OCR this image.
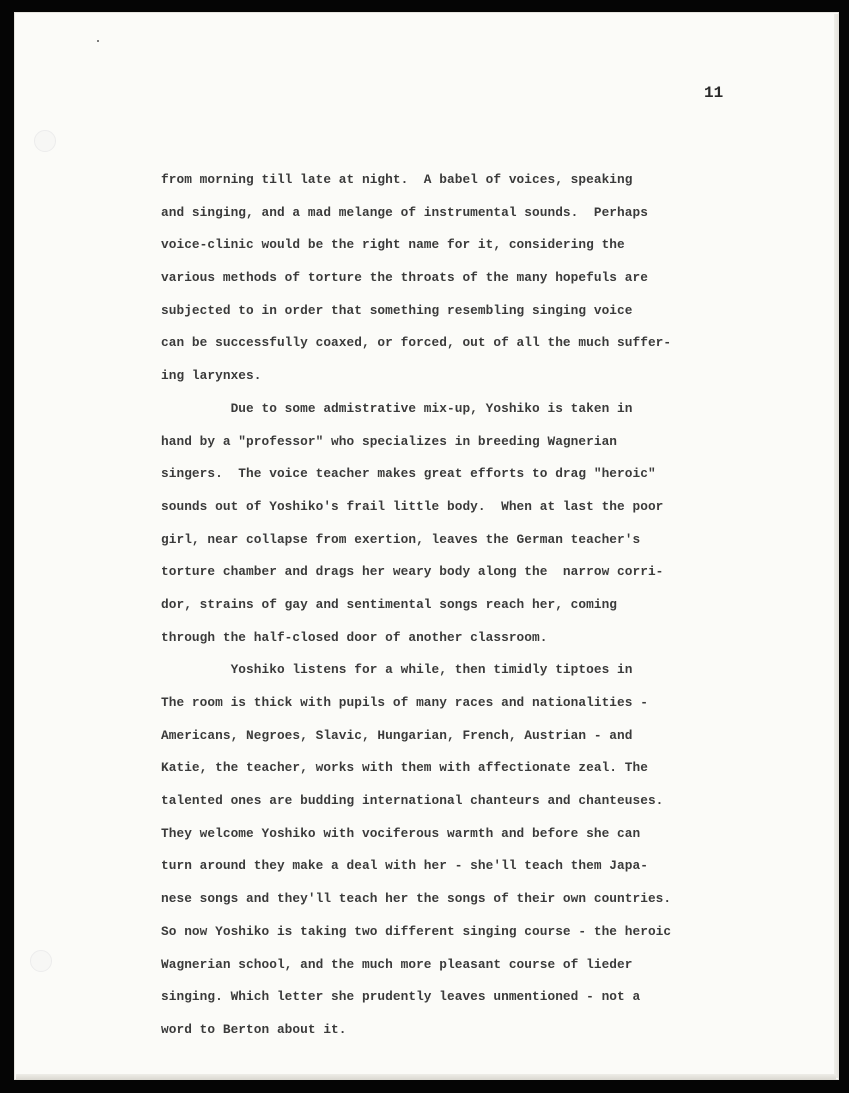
11
from morning till late at night.  A babel of voices, speaking
and singing, and a mad melange of instrumental sounds.  Perhaps
voice-clinic would be the right name for it, considering the
various methods of torture the throats of the many hopefuls are
subjected to in order that something resembling singing voice
can be successfully coaxed, or forced, out of all the much suffer-
ing larynxes.
Due to some admistrative mix-up, Yoshiko is taken in
hand by a "professor" who specializes in breeding Wagnerian
singers.  The voice teacher makes great efforts to drag "heroic"
sounds out of Yoshiko's frail little body.  When at last the poor
girl, near collapse from exertion, leaves the German teacher's
torture chamber and drags her weary body along the  narrow corri-
dor, strains of gay and sentimental songs reach her, coming
through the half-closed door of another classroom.
Yoshiko listens for a while, then timidly tiptoes in
The room is thick with pupils of many races and nationalities -
Americans, Negroes, Slavic, Hungarian, French, Austrian - and
Katie, the teacher, works with them with affectionate zeal. The
talented ones are budding international chanteurs and chanteuses.
They welcome Yoshiko with vociferous warmth and before she can
turn around they make a deal with her - she'll teach them Japa-
nese songs and they'll teach her the songs of their own countries.
So now Yoshiko is taking two different singing course - the heroic
Wagnerian school, and the much more pleasant course of lieder
singing. Which letter she prudently leaves unmentioned - not a
word to Berton about it.
